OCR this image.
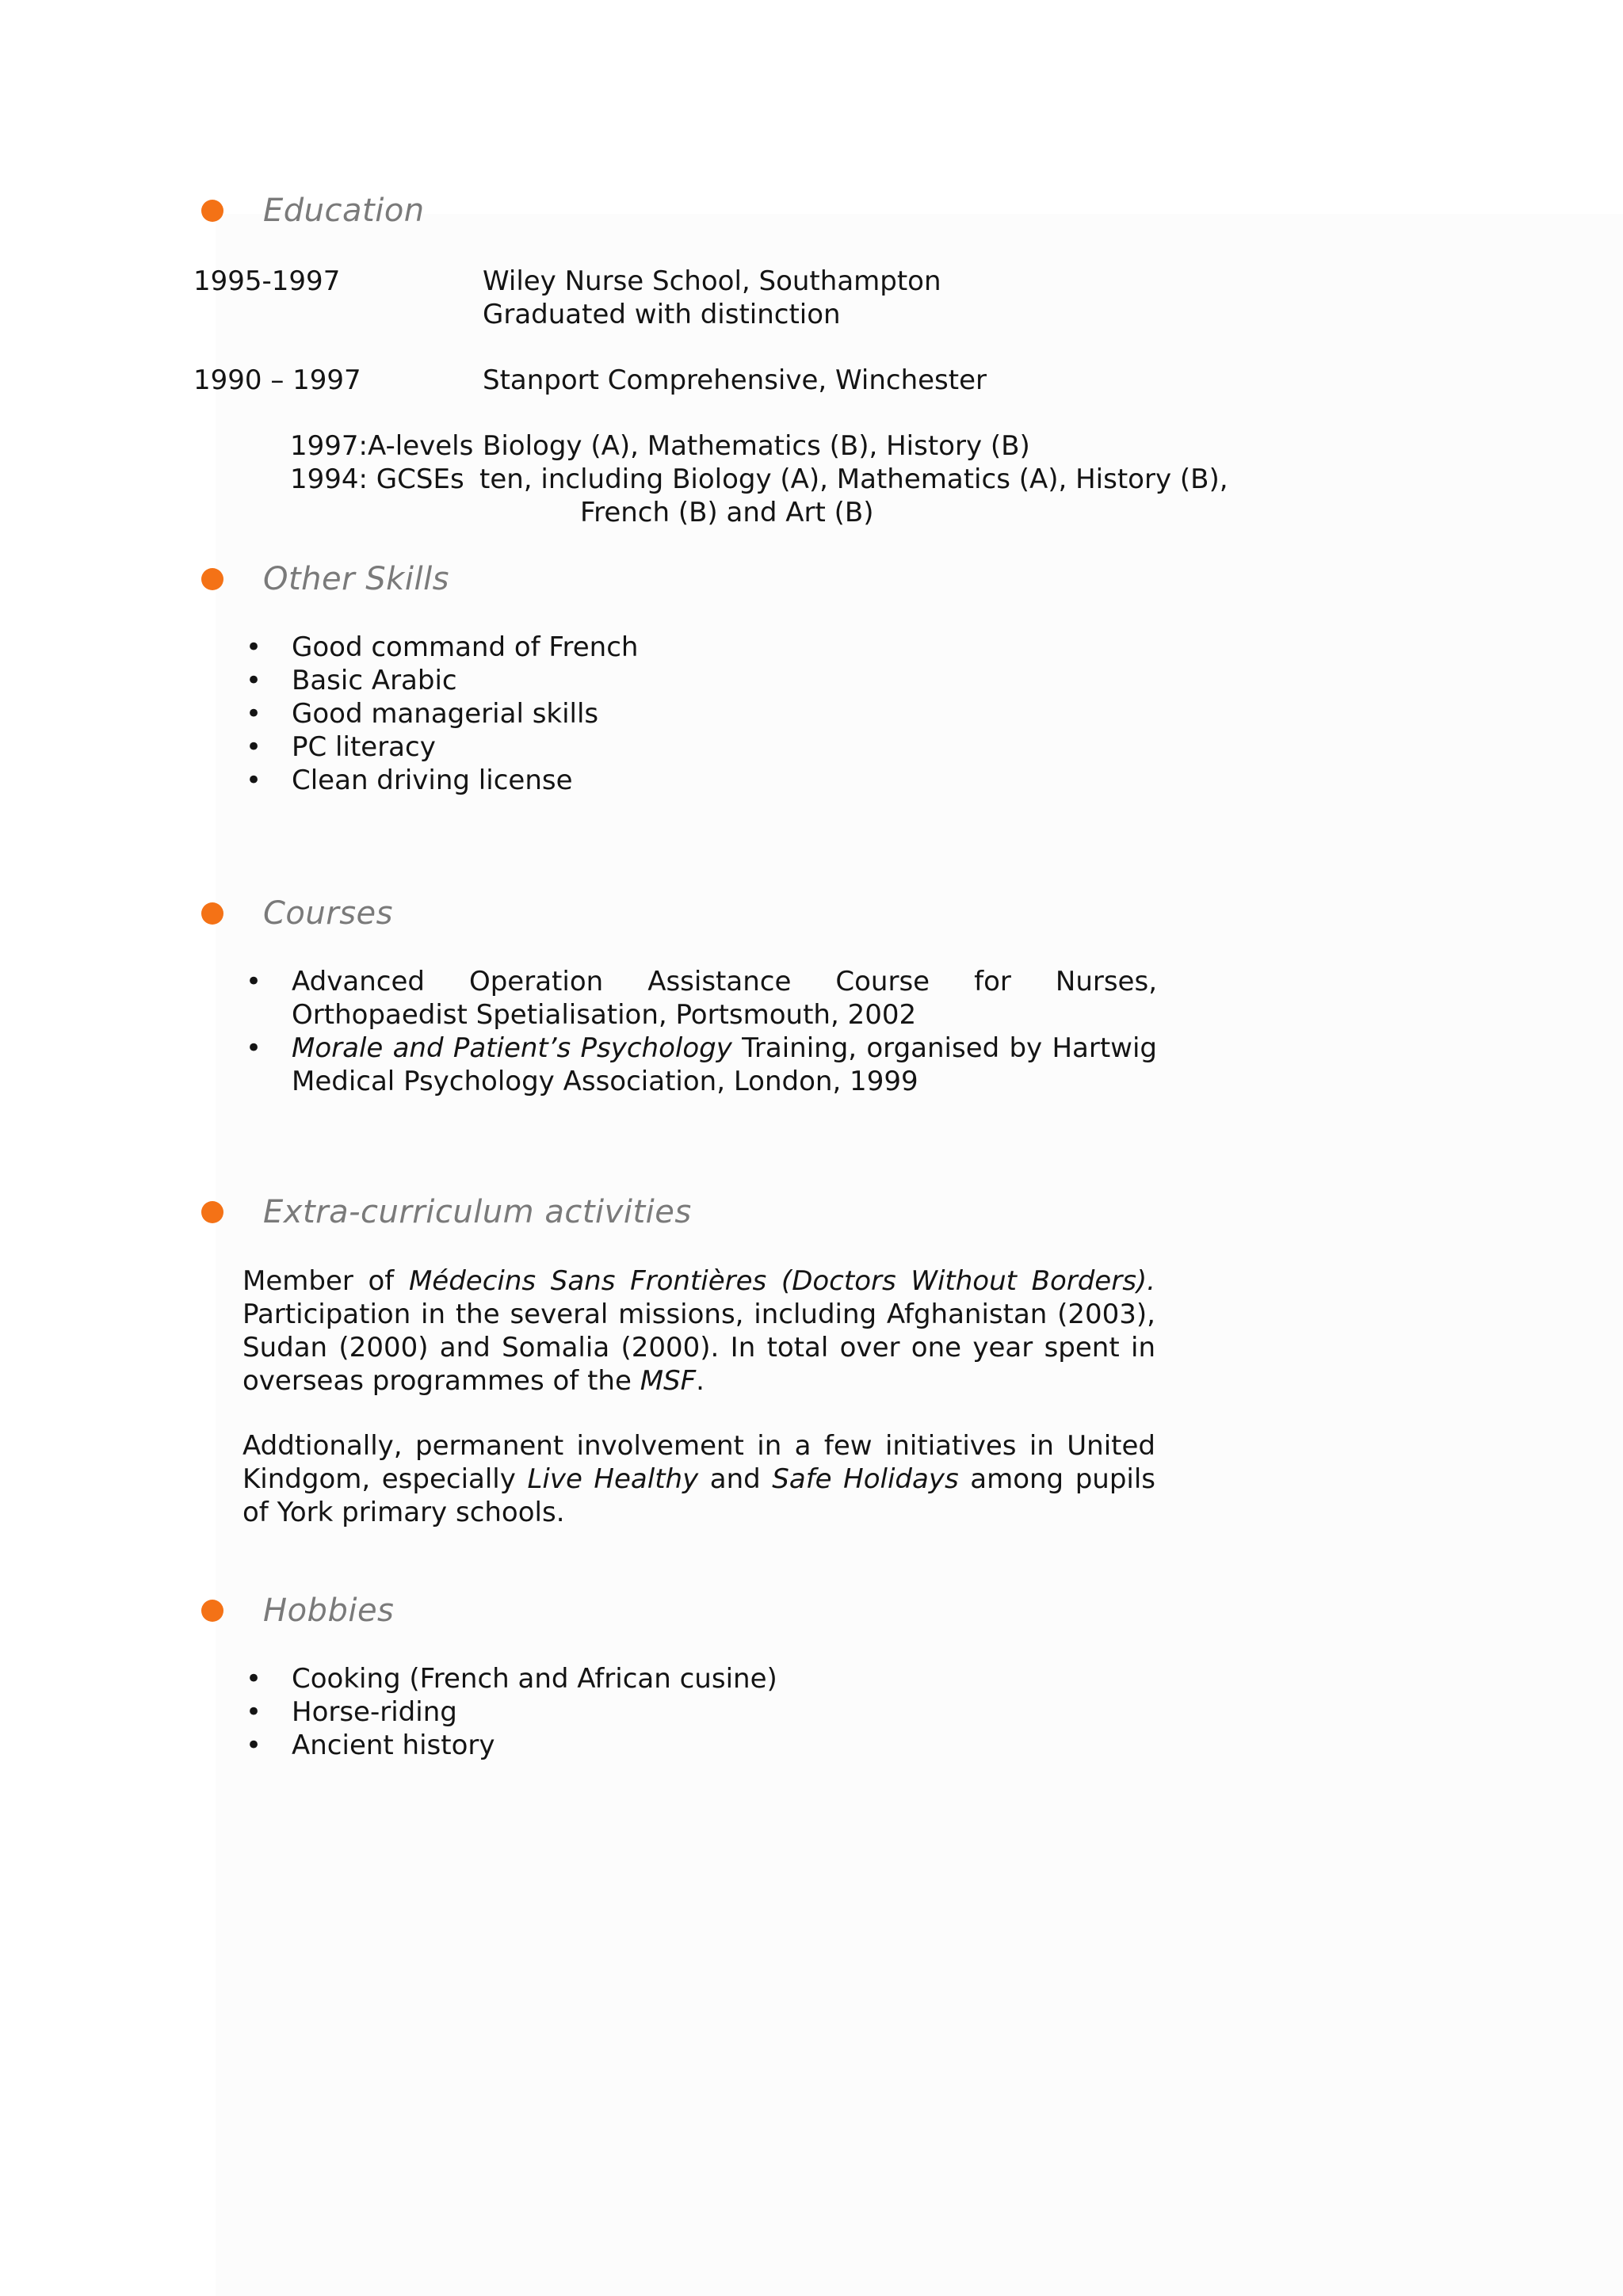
Education
1995-1997	Wiley Nurse School, Southampton
Graduated with distinction
1990 – 1997	Stanport Comprehensive, Winchester
1997:A-levels Biology (A), Mathematics (B), History (B)
1994: GCSEs ten, including Biology (A), Mathematics (A), History (B),
French (B) and Art (B)
Other Skills
• Good command of French
• Basic Arabic
• Good managerial skills
• PC literacy
• Clean driving license
Courses
• Advanced Operation Assistance Course for Nurses, Orthopaedist Spetialisation, Portsmouth, 2002
• Morale and Patient’s Psychology Training, organised by Hartwig Medical Psychology Association, London, 1999
Extra-curriculum activities
Member of Médecins Sans Frontières (Doctors Without Borders). Participation in the several missions, including Afghanistan (2003), Sudan (2000) and Somalia (2000). In total over one year spent in overseas programmes of the MSF.
Addtionally, permanent involvement in a few initiatives in United Kindgom, especially Live Healthy and Safe Holidays among pupils of York primary schools.
Hobbies
• Cooking (French and African cusine)
• Horse-riding
• Ancient history
